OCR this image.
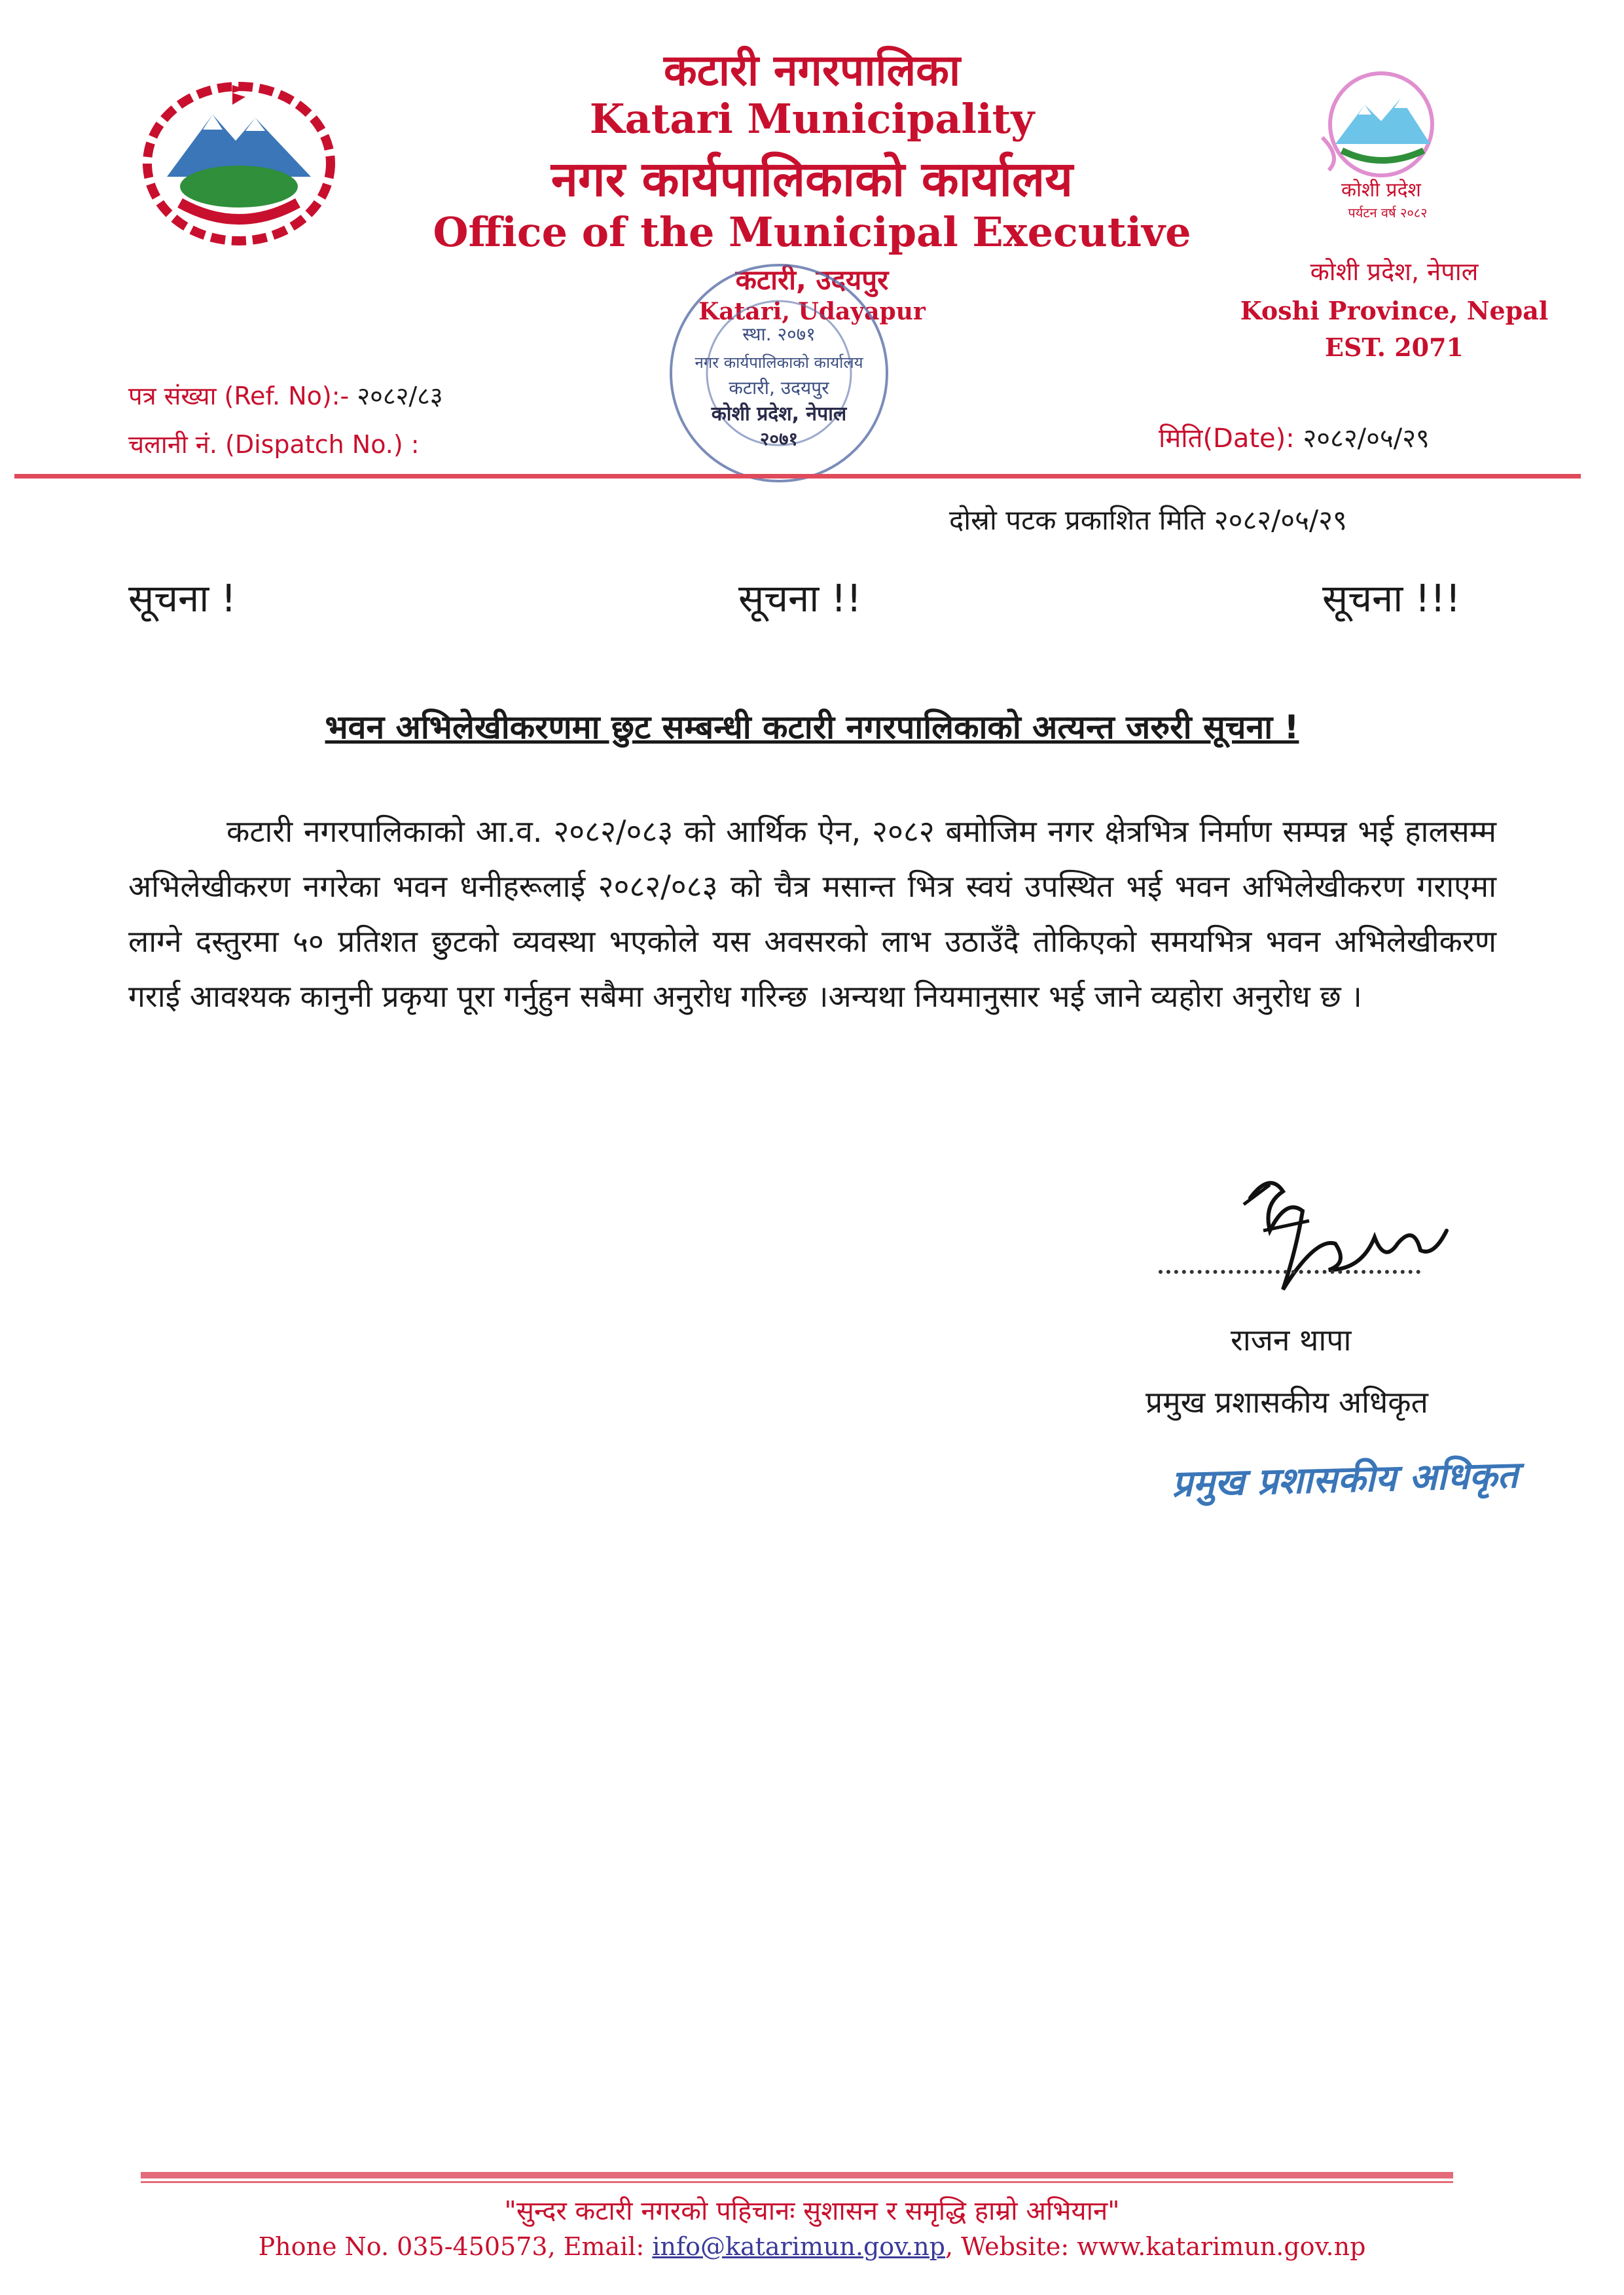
कोशी प्रदेश
पर्यटन वर्ष २०८२
कटारी नगरपालिका
Katari Municipality
नगर कार्यपालिकाको कार्यालय
Office of the Municipal Executive
कटारी, उदयपुर
Katari, Udayapur
कोशी प्रदेश, नेपाल
Koshi Province, Nepal
EST. 2071
पत्र संख्या (Ref. No):- २०८२/८३
चलानी नं. (Dispatch No.) :	मिति(Date): २०८२/०५/२९
स्था. २०७१
नगर कार्यपालिकाको कार्यालय
कटारी, उदयपुर
कोशी प्रदेश, नेपाल
२०७१
दोस्रो पटक प्रकाशित मिति २०८२/०५/२९
सूचना !	सूचना !!	सूचना !!!
भवन अभिलेखीकरणमा छुट सम्बन्धी कटारी नगरपालिकाको अत्यन्त जरुरी सूचना !
कटारी नगरपालिकाको आ.व. २०८२/०८३ को आर्थिक ऐन, २०८२ बमोजिम नगर क्षेत्रभित्र निर्माण सम्पन्न भई हालसम्म अभिलेखीकरण नगरेका भवन धनीहरूलाई २०८२/०८३ को चैत्र मसान्त भित्र स्वयं उपस्थित भई भवन अभिलेखीकरण गराएमा लाग्ने दस्तुरमा ५० प्रतिशत छुटको व्यवस्था भएकोले यस अवसरको लाभ उठाउँदै तोकिएको समयभित्र भवन अभिलेखीकरण गराई आवश्यक कानुनी प्रकृया पूरा गर्नुहुन सबैमा अनुरोध गरिन्छ ।अन्यथा नियमानुसार भई जाने व्यहोरा अनुरोध छ ।
राजन थापा
प्रमुख प्रशासकीय अधिकृत
प्रमुख प्रशासकीय अधिकृत
"सुन्दर कटारी नगरको पहिचानः सुशासन र समृद्धि हाम्रो अभियान"
Phone No. 035-450573, Email: info@katarimun.gov.np, Website: www.katarimun.gov.np
